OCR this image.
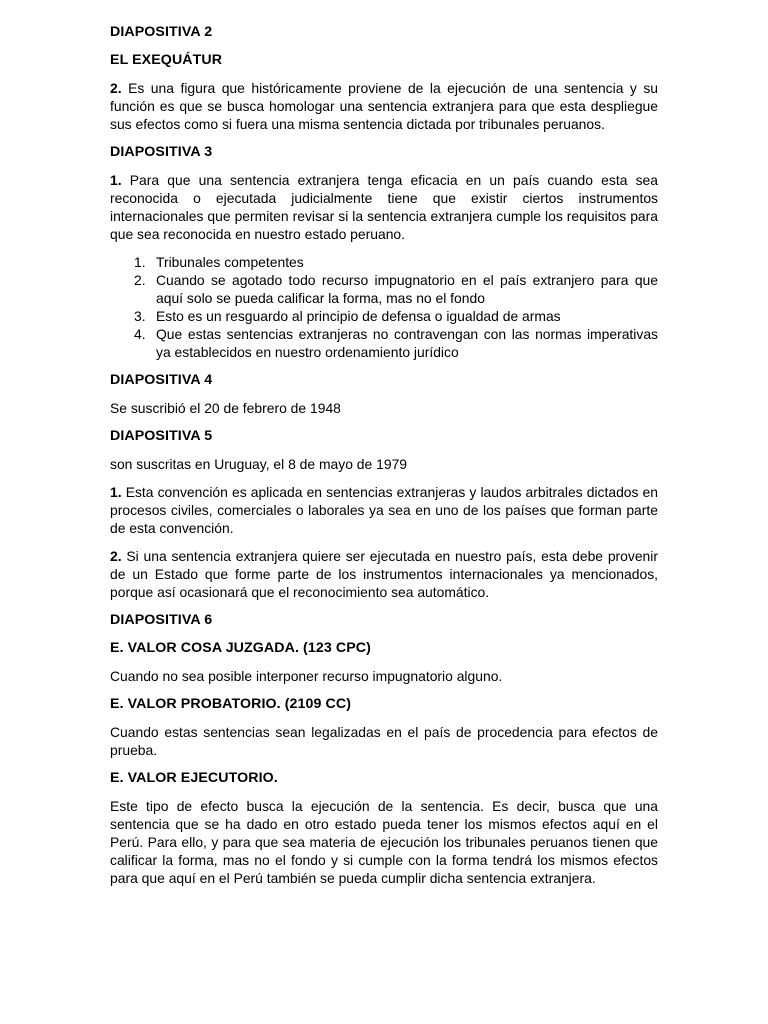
DIAPOSITIVA 2
EL EXEQUÁTUR

2. Es una figura que históricamente proviene de la ejecución de una sentencia y su función es que se busca homologar una sentencia extranjera para que esta despliegue sus efectos como si fuera una misma sentencia dictada por tribunales peruanos.

DIAPOSITIVA 3

1. Para que una sentencia extranjera tenga eficacia en un país cuando esta sea reconocida o ejecutada judicialmente tiene que existir ciertos instrumentos internacionales que permiten revisar si la sentencia extranjera cumple los requisitos para que sea reconocida en nuestro estado peruano.

1. Tribunales competentes
2. Cuando se agotado todo recurso impugnatorio en el país extranjero para que aquí solo se pueda calificar la forma, mas no el fondo
3. Esto es un resguardo al principio de defensa o igualdad de armas
4. Que estas sentencias extranjeras no contravengan con las normas imperativas ya establecidos en nuestro ordenamiento jurídico
DIAPOSITIVA 4

Se suscribió el 20 de febrero de 1948

DIAPOSITIVA 5

son suscritas en Uruguay, el 8 de mayo de 1979

1. Esta convención es aplicada en sentencias extranjeras y laudos arbitrales dictados en procesos civiles, comerciales o laborales ya sea en uno de los países que forman parte de esta convención.

2. Si una sentencia extranjera quiere ser ejecutada en nuestro país, esta debe provenir de un Estado que forme parte de los instrumentos internacionales ya mencionados, porque así ocasionará que el reconocimiento sea automático.

DIAPOSITIVA 6
E. VALOR COSA JUZGADA. (123 CPC)

Cuando no sea posible interponer recurso impugnatorio alguno.

E. VALOR PROBATORIO. (2109 CC)

Cuando estas sentencias sean legalizadas en el país de procedencia para efectos de prueba.

E. VALOR EJECUTORIO.

Este tipo de efecto busca la ejecución de la sentencia. Es decir, busca que una sentencia que se ha dado en otro estado pueda tener los mismos efectos aquí en el Perú. Para ello, y para que sea materia de ejecución los tribunales peruanos tienen que calificar la forma, mas no el fondo y si cumple con la forma tendrá los mismos efectos para que aquí en el Perú también se pueda cumplir dicha sentencia extranjera.
